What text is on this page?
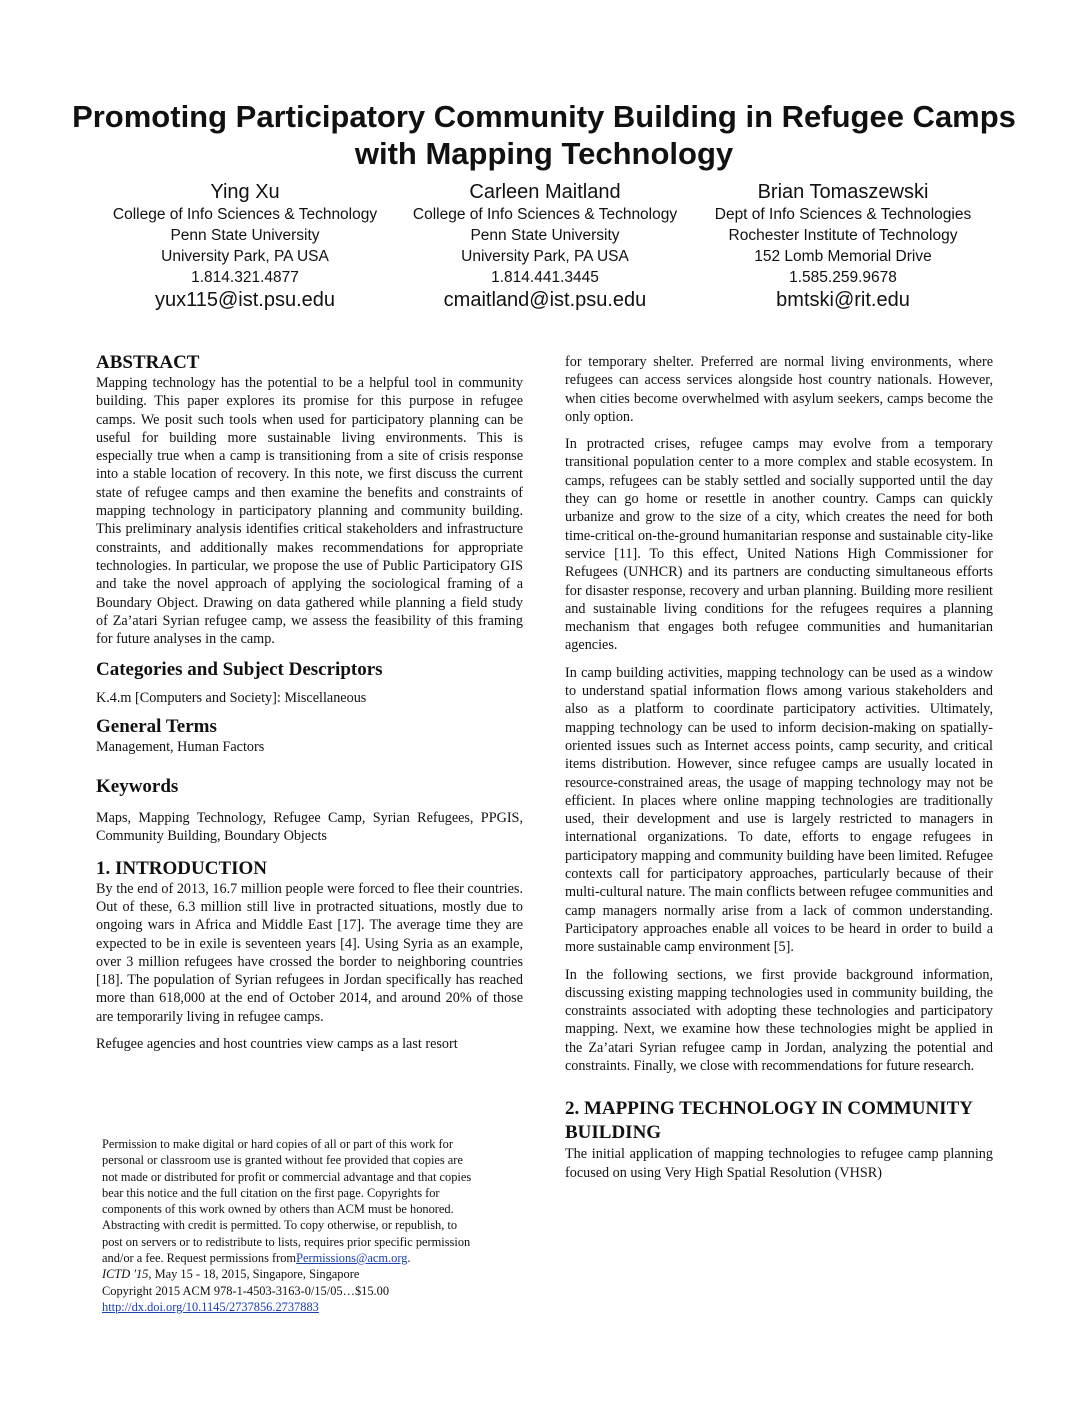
Promoting Participatory Community Building in Refugee Camps with Mapping Technology
Ying Xu
College of Info Sciences & Technology
Penn State University
University Park, PA USA
1.814.321.4877
yux115@ist.psu.edu
Carleen Maitland
College of Info Sciences & Technology
Penn State University
University Park, PA USA
1.814.441.3445
cmaitland@ist.psu.edu
Brian Tomaszewski
Dept of Info Sciences & Technologies
Rochester Institute of Technology
152 Lomb Memorial Drive
1.585.259.9678
bmtski@rit.edu
ABSTRACT

Mapping technology has the potential to be a helpful tool in community building. This paper explores its promise for this purpose in refugee camps. We posit such tools when used for participatory planning can be useful for building more sustainable living environments. This is especially true when a camp is transitioning from a site of crisis response into a stable location of recovery. In this note, we first discuss the current state of refugee camps and then examine the benefits and constraints of mapping technology in participatory planning and community building. This preliminary analysis identifies critical stakeholders and infrastructure constraints, and additionally makes recommendations for appropriate technologies. In particular, we propose the use of Public Participatory GIS and take the novel approach of applying the sociological framing of a Boundary Object. Drawing on data gathered while planning a field study of Za’atari Syrian refugee camp, we assess the feasibility of this framing for future analyses in the camp.

Categories and Subject Descriptors

K.4.m [Computers and Society]: Miscellaneous

General Terms

Management, Human Factors

Keywords

Maps, Mapping Technology, Refugee Camp, Syrian Refugees, PPGIS, Community Building, Boundary Objects

1. INTRODUCTION

By the end of 2013, 16.7 million people were forced to flee their countries. Out of these, 6.3 million still live in protracted situations, mostly due to ongoing wars in Africa and Middle East [17]. The average time they are expected to be in exile is seventeen years [4]. Using Syria as an example, over 3 million refugees have crossed the border to neighboring countries [18]. The population of Syrian refugees in Jordan specifically has reached more than 618,000 at the end of October 2014, and around 20% of those are temporarily living in refugee camps.

Refugee agencies and host countries view camps as a last resort

Permission to make digital or hard copies of all or part of this work for
personal or classroom use is granted without fee provided that copies are
not made or distributed for profit or commercial advantage and that copies
bear this notice and the full citation on the first page. Copyrights for
components of this work owned by others than ACM must be honored.
Abstracting with credit is permitted. To copy otherwise, or republish, to
post on servers or to redistribute to lists, requires prior specific permission
and/or a fee. Request permissions fromPermissions@acm.org.
ICTD '15, May 15 - 18, 2015, Singapore, Singapore
Copyright 2015 ACM 978-1-4503-3163-0/15/05…$15.00
http://dx.doi.org/10.1145/2737856.2737883

for temporary shelter. Preferred are normal living environments, where refugees can access services alongside host country nationals. However, when cities become overwhelmed with asylum seekers, camps become the only option.

In protracted crises, refugee camps may evolve from a temporary transitional population center to a more complex and stable ecosystem. In camps, refugees can be stably settled and socially supported until the day they can go home or resettle in another country. Camps can quickly urbanize and grow to the size of a city, which creates the need for both time-critical on-the-ground humanitarian response and sustainable city-like service [11]. To this effect, United Nations High Commissioner for Refugees (UNHCR) and its partners are conducting simultaneous efforts for disaster response, recovery and urban planning. Building more resilient and sustainable living conditions for the refugees requires a planning mechanism that engages both refugee communities and humanitarian agencies.

In camp building activities, mapping technology can be used as a window to understand spatial information flows among various stakeholders and also as a platform to coordinate participatory activities. Ultimately, mapping technology can be used to inform decision-making on spatially-oriented issues such as Internet access points, camp security, and critical items distribution. However, since refugee camps are usually located in resource-constrained areas, the usage of mapping technology may not be efficient. In places where online mapping technologies are traditionally used, their development and use is largely restricted to managers in international organizations. To date, efforts to engage refugees in participatory mapping and community building have been limited. Refugee contexts call for participatory approaches, particularly because of their multi-cultural nature. The main conflicts between refugee communities and camp managers normally arise from a lack of common understanding. Participatory approaches enable all voices to be heard in order to build a more sustainable camp environment [5].

In the following sections, we first provide background information, discussing existing mapping technologies used in community building, the constraints associated with adopting these technologies and participatory mapping. Next, we examine how these technologies might be applied in the Za’atari Syrian refugee camp in Jordan, analyzing the potential and constraints. Finally, we close with recommendations for future research.

2. MAPPING TECHNOLOGY IN COMMUNITY BUILDING

The initial application of mapping technologies to refugee camp planning focused on using Very High Spatial Resolution (VHSR)
